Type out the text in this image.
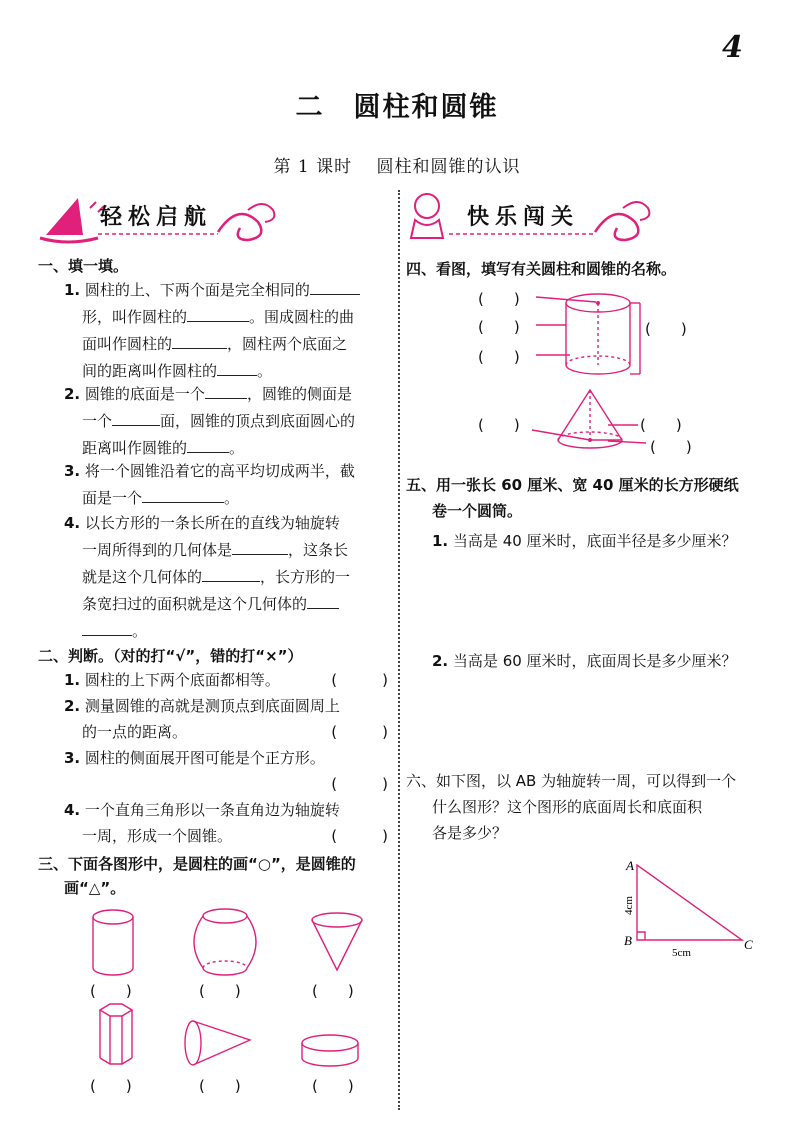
4
二　圆柱和圆锥
第 1 课时　 圆柱和圆锥的认识
轻松启航	快乐闯关
一、填一填。
1. 圆柱的上、下两个面是完全相同的
形，叫作圆柱的	。围成圆柱的曲
面叫作圆柱的	，圆柱两个底面之
间的距离叫作圆柱的	。
2. 圆锥的底面是一个	，圆锥的侧面是
一个	面，圆锥的顶点到底面圆心的
距离叫作圆锥的	。
3. 将一个圆锥沿着它的高平均切成两半，截
面是一个	。
4. 以长方形的一条长所在的直线为轴旋转
一周所得到的几何体是	，这条长
就是这个几何体的	，长方形的一
条宽扫过的面积就是这个几何体的
。
二、判断。（对的打“√”，错的打“×”）
1. 圆柱的上下两个底面都相等。	(　　　)
2. 测量圆锥的高就是测顶点到底面圆周上
的一点的距离。	(　　　)
3. 圆柱的侧面展开图可能是个正方形。
(　　　)
4. 一个直角三角形以一条直角边为轴旋转
一周，形成一个圆锥。	(　　　)
三、下面各图形中，是圆柱的画“○”，是圆锥的
画“△”。
(　　)	(　　)	(　　)
(　　)	(　　)	(　　)
四、看图，填写有关圆柱和圆锥的名称。
(　　)
(　　)
(　　)
(　　)
(　　)	(　　)
(　　)
五、用一张长 60 厘米、宽 40 厘米的长方形硬纸
卷一个圆筒。
1. 当高是 40 厘米时，底面半径是多少厘米？
2. 当高是 60 厘米时，底面周长是多少厘米？
六、如下图，以 AB 为轴旋转一周，可以得到一个
什么图形？这个图形的底面周长和底面积
各是多少？
A
B	C
4cm
5cm
